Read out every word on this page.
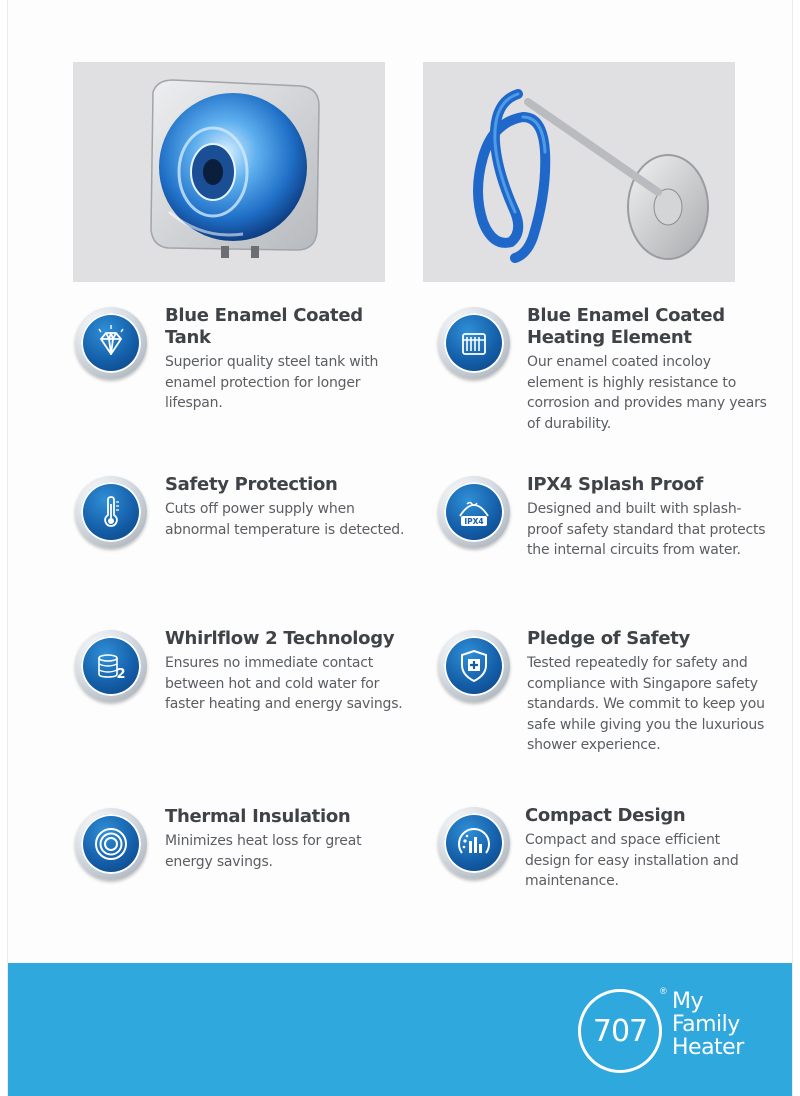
Blue Enamel Coated Tank

Superior quality steel tank with enamel protection for longer lifespan.

Blue Enamel Coated Heating Element

Our enamel coated incoloy element is highly resistance to corrosion and provides many years of durability.

Safety Protection

Cuts off power supply when abnormal temperature is detected.	IPX4
IPX4 Splash Proof

Designed and built with splash-proof safety standard that protects the internal circuits from water.

2
Whirlflow 2 Technology

Ensures no immediate contact between hot and cold water for faster heating and energy savings.

Pledge of Safety

Tested repeatedly for safety and compliance with Singapore safety standards. We commit to keep you safe while giving you the luxurious shower experience.

Thermal Insulation

Minimizes heat loss for great energy savings.

Compact Design

Compact and space efficient design for easy installation and maintenance.

707
® My
Family
Heater
